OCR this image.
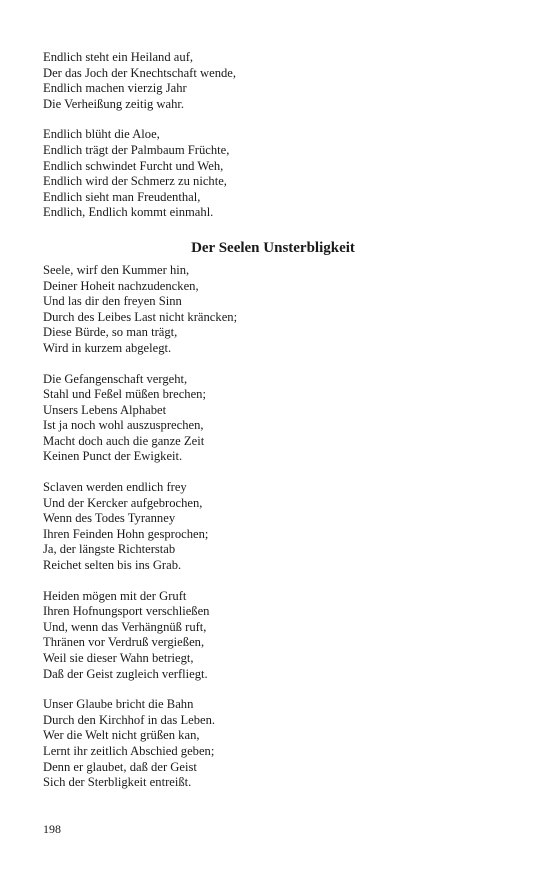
Endlich steht ein Heiland auf,
Der das Joch der Knechtschaft wende,
Endlich machen vierzig Jahr
Die Verheißung zeitig wahr.
Endlich blüht die Aloe,
Endlich trägt der Palmbaum Früchte,
Endlich schwindet Furcht und Weh,
Endlich wird der Schmerz zu nichte,
Endlich sieht man Freudenthal,
Endlich, Endlich kommt einmahl.
Der Seelen Unsterbligkeit
Seele, wirf den Kummer hin,
Deiner Hoheit nachzudencken,
Und las dir den freyen Sinn
Durch des Leibes Last nicht kräncken;
Diese Bürde, so man trägt,
Wird in kurzem abgelegt.
Die Gefangenschaft vergeht,
Stahl und Feßel müßen brechen;
Unsers Lebens Alphabet
Ist ja noch wohl auszusprechen,
Macht doch auch die ganze Zeit
Keinen Punct der Ewigkeit.
Sclaven werden endlich frey
Und der Kercker aufgebrochen,
Wenn des Todes Tyranney
Ihren Feinden Hohn gesprochen;
Ja, der längste Richterstab
Reichet selten bis ins Grab.
Heiden mögen mit der Gruft
Ihren Hofnungsport verschließen
Und, wenn das Verhängnüß ruft,
Thränen vor Verdruß vergießen,
Weil sie dieser Wahn betriegt,
Daß der Geist zugleich verfliegt.
Unser Glaube bricht die Bahn
Durch den Kirchhof in das Leben.
Wer die Welt nicht grüßen kan,
Lernt ihr zeitlich Abschied geben;
Denn er glaubet, daß der Geist
Sich der Sterbligkeit entreißt.
198
